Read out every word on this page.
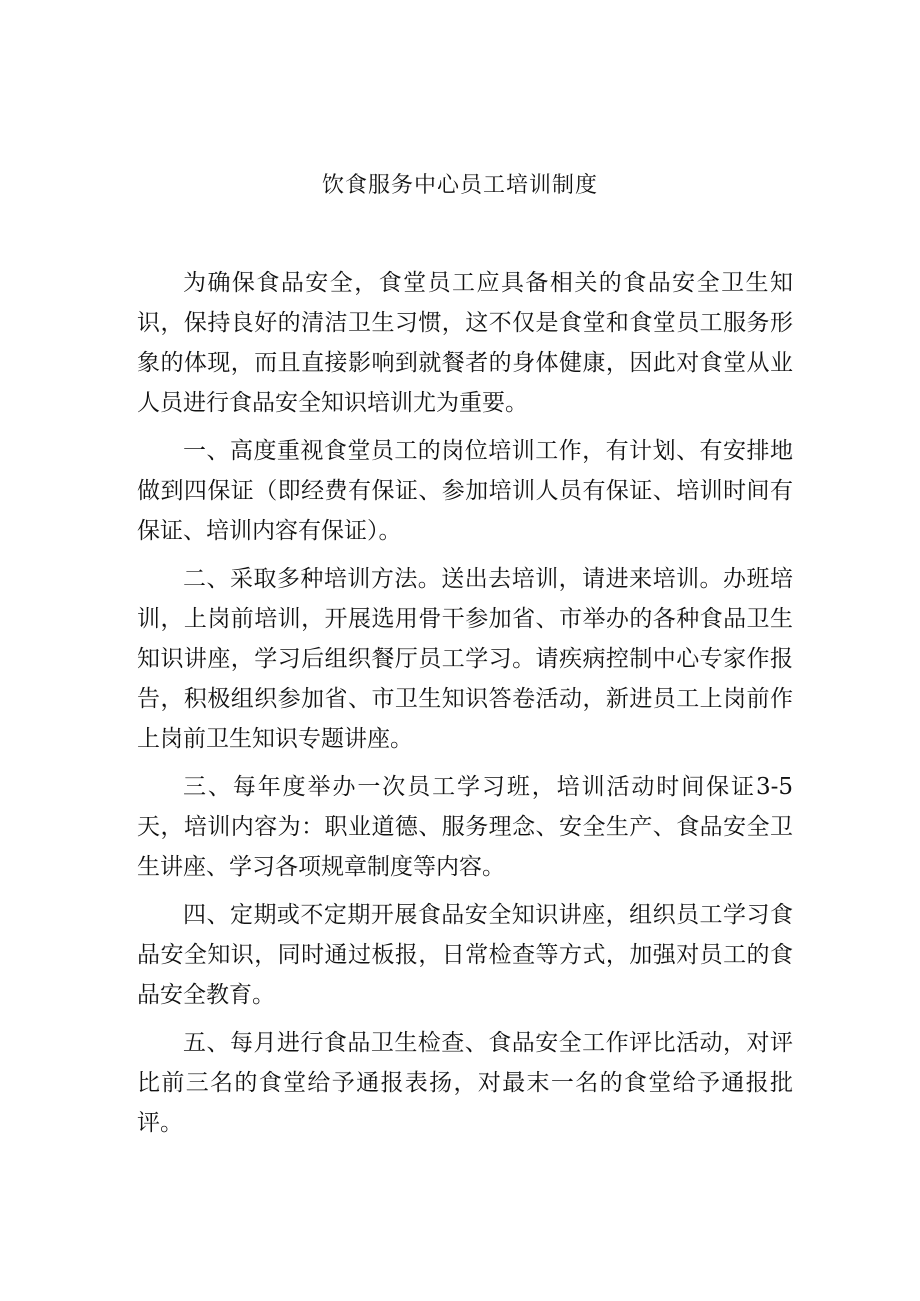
饮食服务中心员工培训制度

为确保食品安全，食堂员工应具备相关的食品安全卫生知识，保持良好的清洁卫生习惯，这不仅是食堂和食堂员工服务形象的体现，而且直接影响到就餐者的身体健康，因此对食堂从业人员进行食品安全知识培训尤为重要。

一、高度重视食堂员工的岗位培训工作，有计划、有安排地做到四保证（即经费有保证、参加培训人员有保证、培训时间有保证、培训内容有保证）。

二、采取多种培训方法。送出去培训，请进来培训。办班培训，上岗前培训，开展选用骨干参加省、市举办的各种食品卫生知识讲座，学习后组织餐厅员工学习。请疾病控制中心专家作报告，积极组织参加省、市卫生知识答卷活动，新进员工上岗前作上岗前卫生知识专题讲座。

三、每年度举办一次员工学习班，培训活动时间保证3-5天，培训内容为：职业道德、服务理念、安全生产、食品安全卫生讲座、学习各项规章制度等内容。

四、定期或不定期开展食品安全知识讲座，组织员工学习食品安全知识，同时通过板报，日常检查等方式，加强对员工的食品安全教育。

五、每月进行食品卫生检查、食品安全工作评比活动，对评比前三名的食堂给予通报表扬，对最末一名的食堂给予通报批评。
